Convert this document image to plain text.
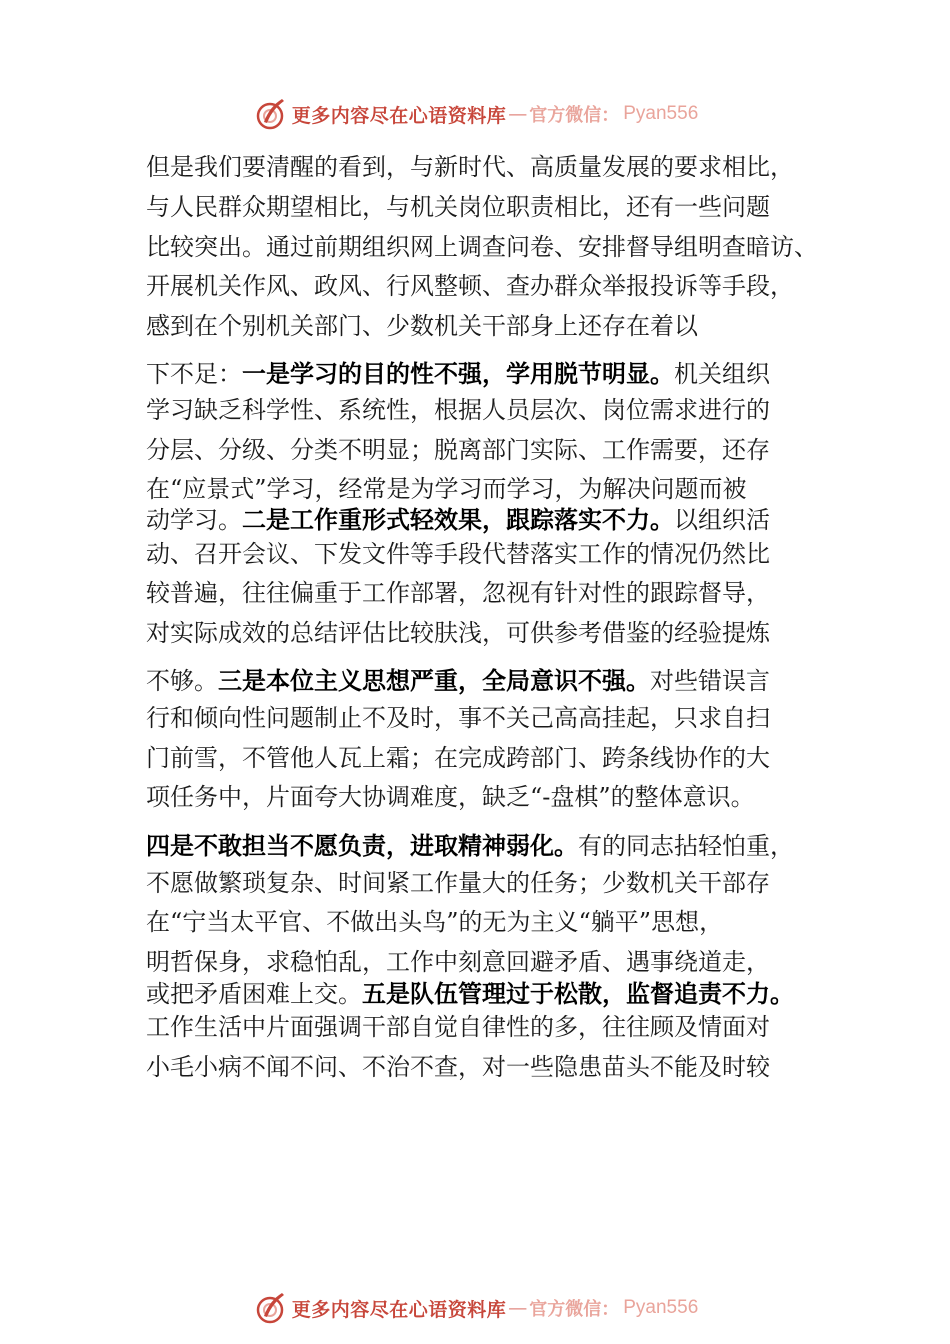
更多内容尽在心语资料库 — 官方微信： Pyan556
但是我们要清醒的看到，与新时代、高质量发展的要求相比，
与人民群众期望相比，与机关岗位职责相比，还有一些问题
比较突出。通过前期组织网上调查问卷、安排督导组明查暗访、
开展机关作风、政风、行风整顿、查办群众举报投诉等手段，
感到在个别机关部门、少数机关干部身上还存在着以
下不足：一是学习的目的性不强，学用脱节明显。机关组织
学习缺乏科学性、系统性，根据人员层次、岗位需求进行的
分层、分级、分类不明显；脱离部门实际、工作需要，还存
在“应景式”学习，经常是为学习而学习，为解决问题而被
动学习。二是工作重形式轻效果，跟踪落实不力。以组织活
动、召开会议、下发文件等手段代替落实工作的情况仍然比
较普遍，往往偏重于工作部署，忽视有针对性的跟踪督导，
对实际成效的总结评估比较肤浅，可供参考借鉴的经验提炼
不够。三是本位主义思想严重，全局意识不强。对些错误言
行和倾向性问题制止不及时，事不关己高高挂起，只求自扫
门前雪，不管他人瓦上霜；在完成跨部门、跨条线协作的大
项任务中，片面夸大协调难度，缺乏“-盘棋”的整体意识。
四是不敢担当不愿负责，进取精神弱化。有的同志拈轻怕重，
不愿做繁琐复杂、时间紧工作量大的任务；少数机关干部存
在“宁当太平官、不做出头鸟”的无为主义“躺平”思想，
明哲保身，求稳怕乱，工作中刻意回避矛盾、遇事绕道走，
或把矛盾困难上交。五是队伍管理过于松散，监督追责不力。
工作生活中片面强调干部自觉自律性的多，往往顾及情面对
小毛小病不闻不问、不治不查，对一些隐患苗头不能及时较
更多内容尽在心语资料库 — 官方微信： Pyan556
